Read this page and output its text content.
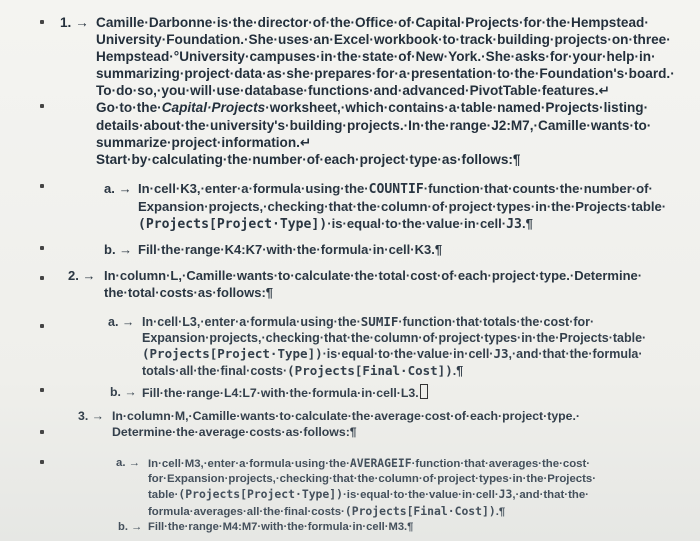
1. → Camille·Darbonne·is·the·director·of·the·Office·of·Capital·Projects·for·the·Hempstead·
University·Foundation.·She·uses·an·Excel·workbook·to·track·building·projects·on·three·
Hempstead·°University·campuses·in·the·state·of·New·York.·She·asks·for·your·help·in·
summarizing·project·data·as·she·prepares·for·a·presentation·to·the·Foundation's·board.·
To·do·so,·you·will·use·database·functions·and·advanced·PivotTable·features.↵
Go·to·the·Capital·Projects·worksheet,·which·contains·a·table·named·Projects·listing·
details·about·the·university's·building·projects.·In·the·range·J2:M7,·Camille·wants·to·
summarize·project·information.↵
Start·by·calculating·the·number·of·each·project·type·as·follows:¶
a. → In·cell·K3,·enter·a·formula·using·the·COUNTIF·function·that·counts·the·number·of·
Expansion·projects,·checking·that·the·column·of·project·types·in·the·Projects·table·
(Projects[Project·Type])·is·equal·to·the·value·in·cell·J3.¶
b. → Fill·the·range·K4:K7·with·the·formula·in·cell·K3.¶
2. → In·column·L,·Camille·wants·to·calculate·the·total·cost·of·each·project·type.·Determine·
the·total·costs·as·follows:¶
a. → In·cell·L3,·enter·a·formula·using·the·SUMIF·function·that·totals·the·cost·for·
Expansion·projects,·checking·that·the·column·of·project·types·in·the·Projects·table·
(Projects[Project·Type])·is·equal·to·the·value·in·cell·J3,·and·that·the·formula·
totals·all·the·final·costs·(Projects[Final·Cost]).¶
b. → Fill·the·range·L4:L7·with·the·formula·in·cell·L3.
3. → In·column·M,·Camille·wants·to·calculate·the·average·cost·of·each·project·type.·
Determine·the·average·costs·as·follows:¶
a. → In·cell·M3,·enter·a·formula·using·the·AVERAGEIF·function·that·averages·the·cost·
for·Expansion·projects,·checking·that·the·column·of·project·types·in·the·Projects·
table·(Projects[Project·Type])·is·equal·to·the·value·in·cell·J3,·and·that·the·
formula·averages·all·the·final·costs·(Projects[Final·Cost]).¶
b. → Fill·the·range·M4:M7·with·the·formula·in·cell·M3.¶
